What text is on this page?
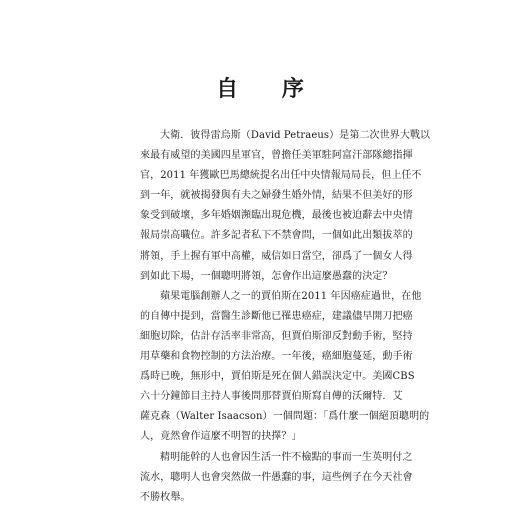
自 序
大衛．彼得雷烏斯（David Petraeus）是第二次世界大戰以
來最有威望的美國四星軍官，曾擔任美軍駐阿富汗部隊總指揮
官，2011 年獲歐巴馬總統提名出任中央情報局局長，但上任不
到一年，就被揭發與有夫之婦發生婚外情，結果不但美好的形
象受到破壞，多年婚姻瀕臨出現危機，最後也被迫辭去中央情
報局崇高職位。許多記者私下不禁會問，一個如此出類拔萃的
將領，手上握有軍中高權，威信如日當空，卻爲了一個女人得
到如此下場，一個聰明將領，怎會作出這麼愚蠢的決定？
蘋果電腦創辦人之一的賈伯斯在2011 年因癌症過世，在他
的自傳中提到，當醫生診斷他已罹患癌症，建議儘早開刀把癌
細胞切除，估計存活率非常高，但賈伯斯卻反對動手術，堅持
用草藥和食物控制的方法治療。一年後，癌細胞蔓延，動手術
爲時已晚，無形中，賈伯斯是死在個人錯誤決定中。美國CBS
六十分鐘節目主持人事後問那替賈伯斯寫自傳的沃爾特．艾
薩克森（Walter Isaacson）一個問題：「爲什麼一個絕頂聰明的
人，竟然會作這麼不明智的抉擇？」
精明能幹的人也會因生活一件不檢點的事而一生英明付之
流水，聰明人也會突然做一件愚蠢的事，這些例子在今天社會
不勝枚舉。
